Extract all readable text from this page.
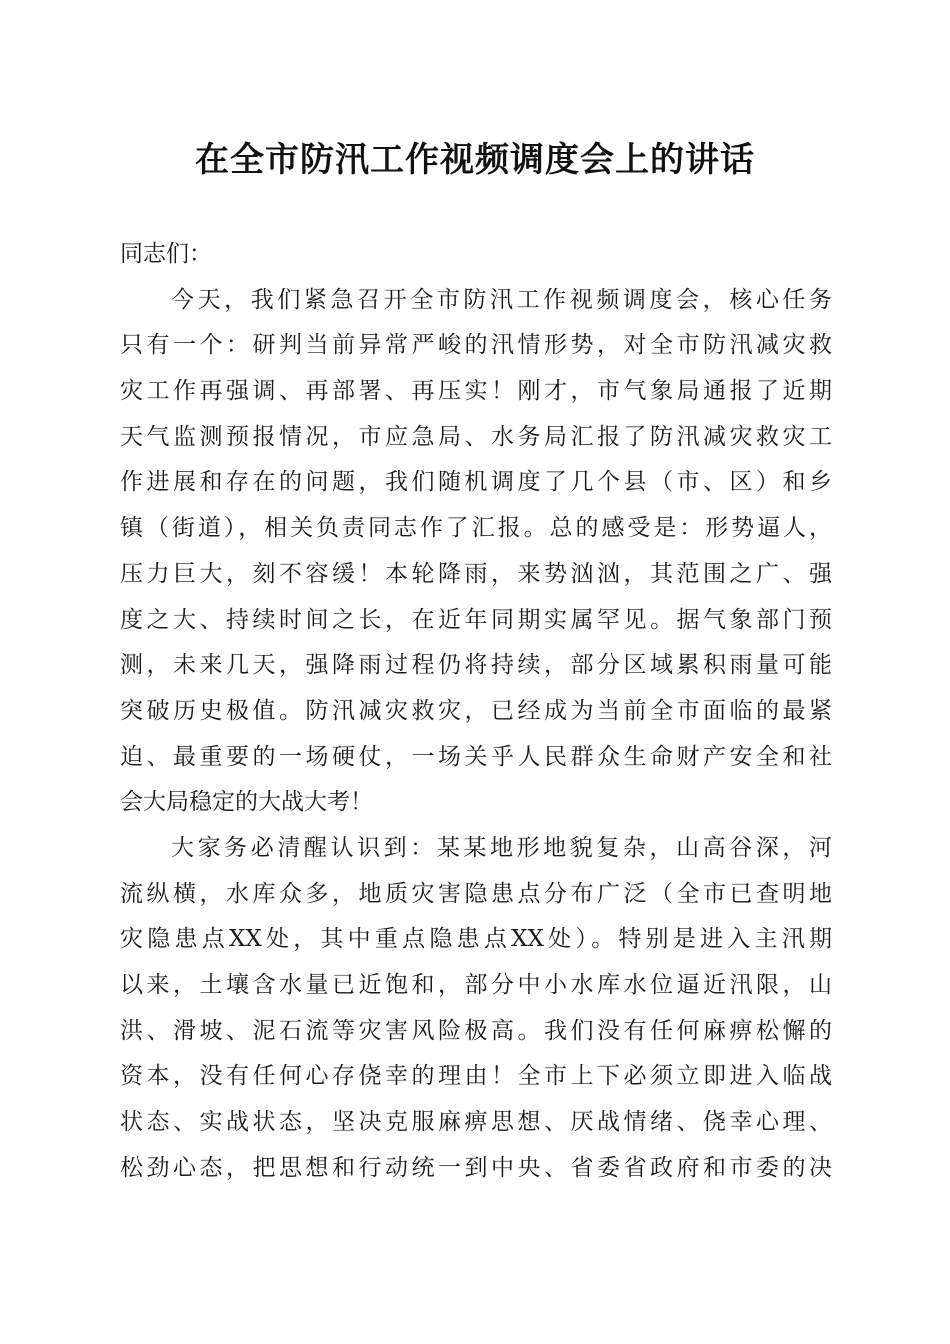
在全市防汛工作视频调度会上的讲话
同志们：
今天，我们紧急召开全市防汛工作视频调度会，核心任务
只有一个：研判当前异常严峻的汛情形势，对全市防汛减灾救
灾工作再强调、再部署、再压实！刚才，市气象局通报了近期
天气监测预报情况，市应急局、水务局汇报了防汛减灾救灾工
作进展和存在的问题，我们随机调度了几个县（市、区）和乡
镇（街道），相关负责同志作了汇报。总的感受是：形势逼人，
压力巨大，刻不容缓！本轮降雨，来势汹汹，其范围之广、强
度之大、持续时间之长，在近年同期实属罕见。据气象部门预
测，未来几天，强降雨过程仍将持续，部分区域累积雨量可能
突破历史极值。防汛减灾救灾，已经成为当前全市面临的最紧
迫、最重要的一场硬仗，一场关乎人民群众生命财产安全和社
会大局稳定的大战大考！
大家务必清醒认识到：某某地形地貌复杂，山高谷深，河
流纵横，水库众多，地质灾害隐患点分布广泛（全市已查明地
灾隐患点XX处，其中重点隐患点XX处）。特别是进入主汛期
以来，土壤含水量已近饱和，部分中小水库水位逼近汛限，山
洪、滑坡、泥石流等灾害风险极高。我们没有任何麻痹松懈的
资本，没有任何心存侥幸的理由！全市上下必须立即进入临战
状态、实战状态，坚决克服麻痹思想、厌战情绪、侥幸心理、
松劲心态，把思想和行动统一到中央、省委省政府和市委的决
